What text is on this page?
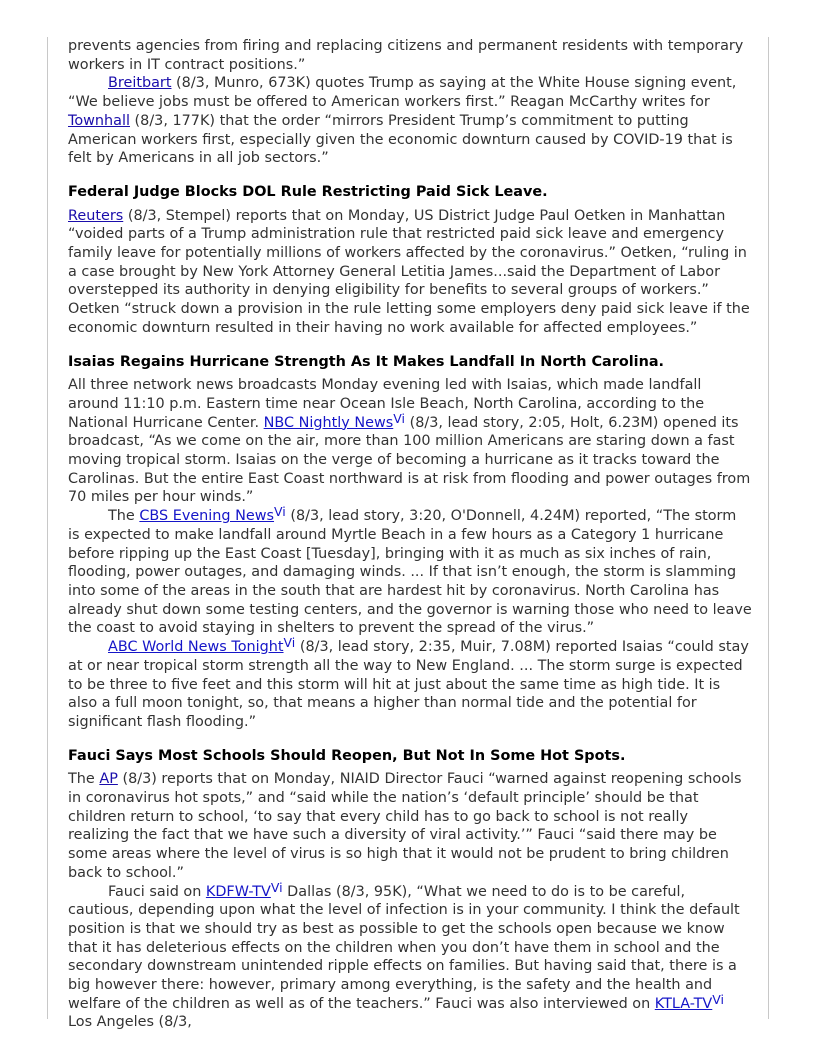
prevents agencies from firing and replacing citizens and permanent residents with temporary workers in IT contract positions.”

Breitbart (8/3, Munro, 673K) quotes Trump as saying at the White House signing event, “We believe jobs must be offered to American workers first.” Reagan McCarthy writes for Townhall (8/3, 177K) that the order “mirrors President Trump’s commitment to putting American workers first, especially given the economic downturn caused by COVID-19 that is felt by Americans in all job sectors.”

Federal Judge Blocks DOL Rule Restricting Paid Sick Leave.

Reuters (8/3, Stempel) reports that on Monday, US District Judge Paul Oetken in Manhattan “voided parts of a Trump administration rule that restricted paid sick leave and emergency family leave for potentially millions of workers affected by the coronavirus.” Oetken, “ruling in a case brought by New York Attorney General Letitia James...said the Department of Labor overstepped its authority in denying eligibility for benefits to several groups of workers.” Oetken “struck down a provision in the rule letting some employers deny paid sick leave if the economic downturn resulted in their having no work available for affected employees.”

Isaias Regains Hurricane Strength As It Makes Landfall In North Carolina.

All three network news broadcasts Monday evening led with Isaias, which made landfall around 11:10 p.m. Eastern time near Ocean Isle Beach, North Carolina, according to the National Hurricane Center. NBC Nightly NewsVi (8/3, lead story, 2:05, Holt, 6.23M) opened its broadcast, “As we come on the air, more than 100 million Americans are staring down a fast moving tropical storm. Isaias on the verge of becoming a hurricane as it tracks toward the Carolinas. But the entire East Coast northward is at risk from flooding and power outages from 70 miles per hour winds.”

The CBS Evening NewsVi (8/3, lead story, 3:20, O'Donnell, 4.24M) reported, “The storm is expected to make landfall around Myrtle Beach in a few hours as a Category 1 hurricane before ripping up the East Coast [Tuesday], bringing with it as much as six inches of rain, flooding, power outages, and damaging winds. ... If that isn’t enough, the storm is slamming into some of the areas in the south that are hardest hit by coronavirus. North Carolina has already shut down some testing centers, and the governor is warning those who need to leave the coast to avoid staying in shelters to prevent the spread of the virus.”

ABC World News TonightVi (8/3, lead story, 2:35, Muir, 7.08M) reported Isaias “could stay at or near tropical storm strength all the way to New England. ... The storm surge is expected to be three to five feet and this storm will hit at just about the same time as high tide. It is also a full moon tonight, so, that means a higher than normal tide and the potential for significant flash flooding.”

Fauci Says Most Schools Should Reopen, But Not In Some Hot Spots.

The AP (8/3) reports that on Monday, NIAID Director Fauci “warned against reopening schools in coronavirus hot spots,” and “said while the nation’s ‘default principle’ should be that children return to school, ‘to say that every child has to go back to school is not really realizing the fact that we have such a diversity of viral activity.’” Fauci “said there may be some areas where the level of virus is so high that it would not be prudent to bring children back to school.”

Fauci said on KDFW-TVVi Dallas (8/3, 95K), “What we need to do is to be careful, cautious, depending upon what the level of infection is in your community. I think the default position is that we should try as best as possible to get the schools open because we know that it has deleterious effects on the children when you don’t have them in school and the secondary downstream unintended ripple effects on families. But having said that, there is a big however there: however, primary among everything, is the safety and the health and welfare of the children as well as of the teachers.” Fauci was also interviewed on KTLA-TVVi Los Angeles (8/3,
